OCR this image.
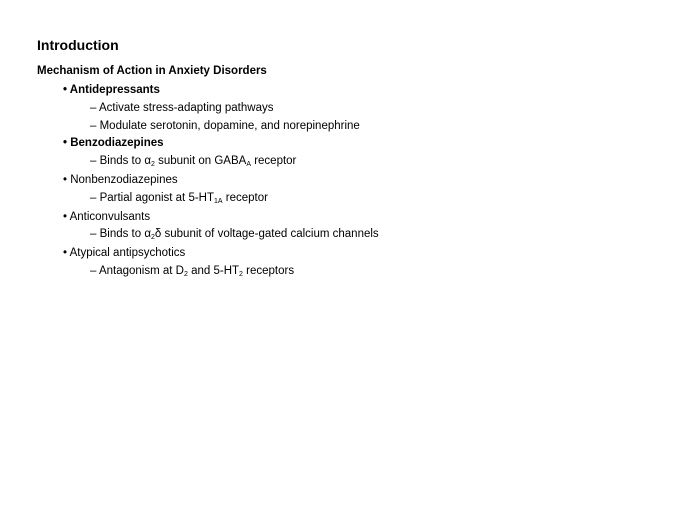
Introduction
Mechanism of Action in Anxiety Disorders
• Antidepressants
– Activate stress-adapting pathways
– Modulate serotonin, dopamine, and norepinephrine
• Benzodiazepines
– Binds to $\alpha_2$ subunit on $GABA_A$ receptor
• Nonbenzodiazepines
– Partial agonist at $5-HT_{1A}$ receptor
• Anticonvulsants
– Binds to $\alpha_2\delta$ subunit of voltage-gated calcium channels
• Atypical antipsychotics
– Antagonism at $D_2$ and $5-HT_2$ receptors
